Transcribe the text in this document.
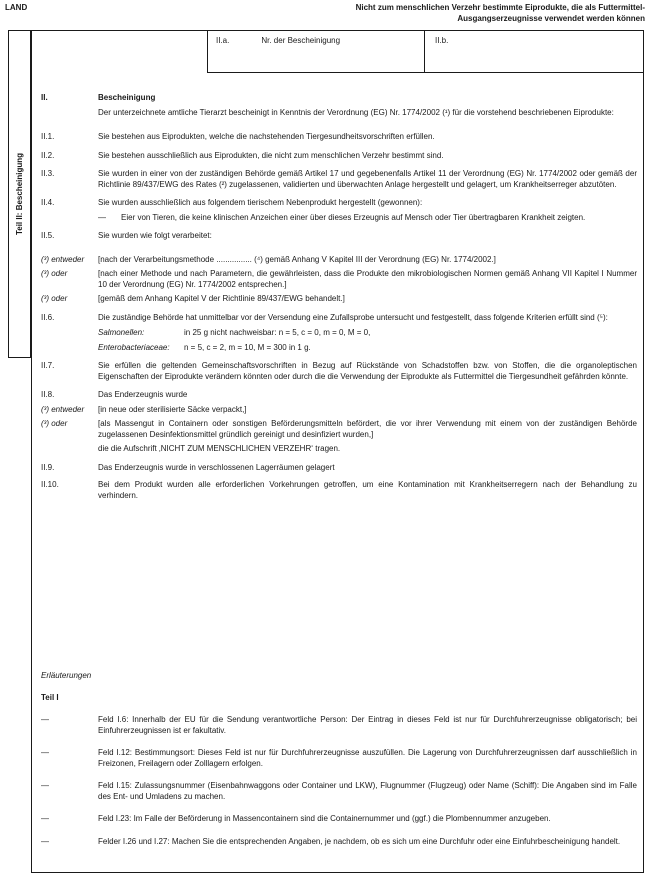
LAND	Nicht zum menschlichen Verzehr bestimmte Eiprodukte, die als Futtermittel-
Ausgangserzeugnisse verwendet werden können
Teil II: Bescheinigung
II.a.	Nr. der Bescheinigung	II.b.
II.	Bescheinigung
Der unterzeichnete amtliche Tierarzt bescheinigt in Kenntnis der Verordnung (EG) Nr. 1774/2002 (¹) für die vorstehend beschriebenen Eiprodukte:
II.1.	Sie bestehen aus Eiprodukten, welche die nachstehenden Tiergesundheitsvorschriften erfüllen.
II.2.	Sie bestehen ausschließlich aus Eiprodukten, die nicht zum menschlichen Verzehr bestimmt sind.
II.3.	Sie wurden in einer von der zuständigen Behörde gemäß Artikel 17 und gegebenenfalls Artikel 11 der Verordnung (EG) Nr. 1774/2002 oder gemäß der Richtlinie 89/437/EWG des Rates (²) zugelassenen, validierten und überwachten Anlage hergestellt und gelagert, um Krankheitserreger abzutöten.
II.4.	Sie wurden ausschließlich aus folgendem tierischem Nebenprodukt hergestellt (gewonnen):
—	Eier von Tieren, die keine klinischen Anzeichen einer über dieses Erzeugnis auf Mensch oder Tier übertragbaren Krankheit zeigten.
II.5.	Sie wurden wie folgt verarbeitet:
(³) entweder	[nach der Verarbeitungsmethode ................ (⁴) gemäß Anhang V Kapitel III der Verordnung (EG) Nr. 1774/2002.]
(³) oder	[nach einer Methode und nach Parametern, die gewährleisten, dass die Produkte den mikrobiologischen Normen gemäß Anhang VII Kapitel I Nummer 10 der Verordnung (EG) Nr. 1774/2002 entsprechen.]
(³) oder	[gemäß dem Anhang Kapitel V der Richtlinie 89/437/EWG behandelt.]
II.6.	Die zuständige Behörde hat unmittelbar vor der Versendung eine Zufallsprobe untersucht und festgestellt, dass folgende Kriterien erfüllt sind (⁵):
Salmonellen:	in 25 g nicht nachweisbar: n = 5, c = 0, m = 0, M = 0,
Enterobacteriaceae:	n = 5, c = 2, m = 10, M = 300 in 1 g.
II.7.	Sie erfüllen die geltenden Gemeinschaftsvorschriften in Bezug auf Rückstände von Schadstoffen bzw. von Stoffen, die die organoleptischen Eigenschaften der Eiprodukte verändern könnten oder durch die die Verwendung der Eiprodukte als Futtermittel die Tiergesundheit gefährden könnte.
II.8.	Das Enderzeugnis wurde
(³) entweder	[in neue oder sterilisierte Säcke verpackt,]
(³) oder	[als Massengut in Containern oder sonstigen Beförderungsmitteln befördert, die vor ihrer Verwendung mit einem von der zuständigen Behörde zugelassenen Desinfektionsmittel gründlich gereinigt und desinfiziert wurden,]
die die Aufschrift ‚NICHT ZUM MENSCHLICHEN VERZEHR‘ tragen.
II.9.	Das Enderzeugnis wurde in verschlossenen Lagerräumen gelagert
II.10.	Bei dem Produkt wurden alle erforderlichen Vorkehrungen getroffen, um eine Kontamination mit Krankheitserregern nach der Behandlung zu verhindern.
Erläuterungen
Teil I
—	Feld I.6: Innerhalb der EU für die Sendung verantwortliche Person: Der Eintrag in dieses Feld ist nur für Durchfuhrerzeugnisse obligatorisch; bei Einfuhrerzeugnissen ist er fakultativ.
—	Feld I.12: Bestimmungsort: Dieses Feld ist nur für Durchfuhrerzeugnisse auszufüllen. Die Lagerung von Durchfuhrerzeugnissen darf ausschließlich in Freizonen, Freilagern oder Zolllagern erfolgen.
—	Feld I.15: Zulassungsnummer (Eisenbahnwaggons oder Container und LKW), Flugnummer (Flugzeug) oder Name (Schiff): Die Angaben sind im Falle des Ent- und Umladens zu machen.
—	Feld I.23: Im Falle der Beförderung in Massencontainern sind die Containernummer und (ggf.) die Plombennummer anzugeben.
—	Felder I.26 und I.27: Machen Sie die entsprechenden Angaben, je nachdem, ob es sich um eine Durchfuhr oder eine Einfuhrbescheinigung handelt.
